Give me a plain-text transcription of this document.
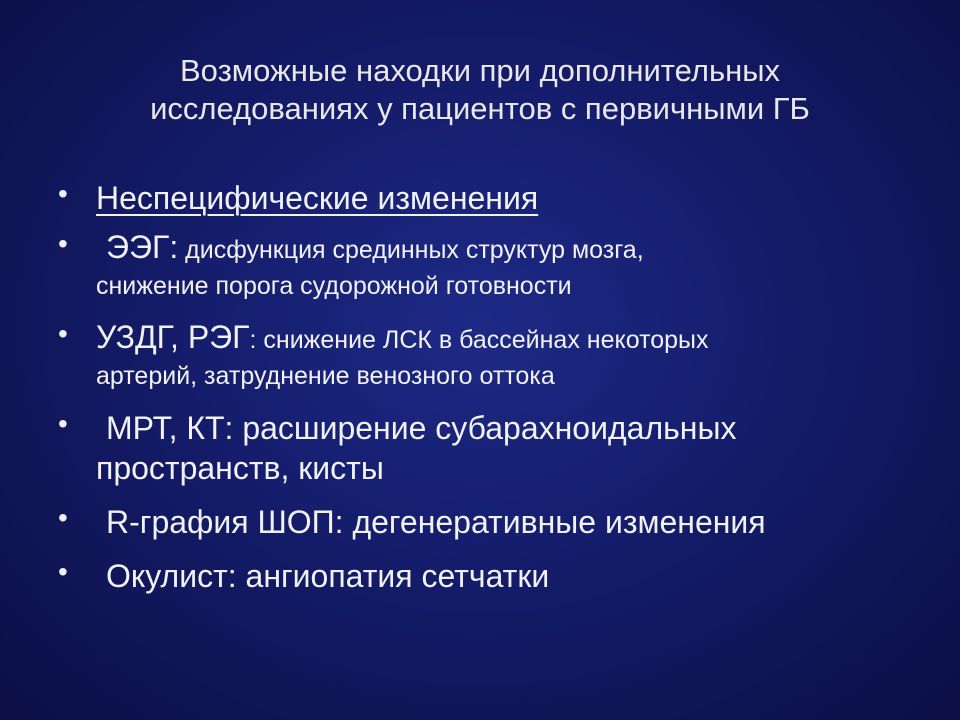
Возможные находки при дополнительных
исследованиях у пациентов с первичными ГБ
• Неспецифические изменения
•	ЭЭГ: дисфункция срединных структур мозга,
снижение порога судорожной готовности
• УЗДГ, РЭГ: снижение ЛСК в бассейнах некоторых
артерий, затруднение венозного оттока
•	МРТ, КТ: расширение субарахноидальных
пространств, кисты
•	R-графия ШОП: дегенеративные изменения
•	Окулист: ангиопатия сетчатки
